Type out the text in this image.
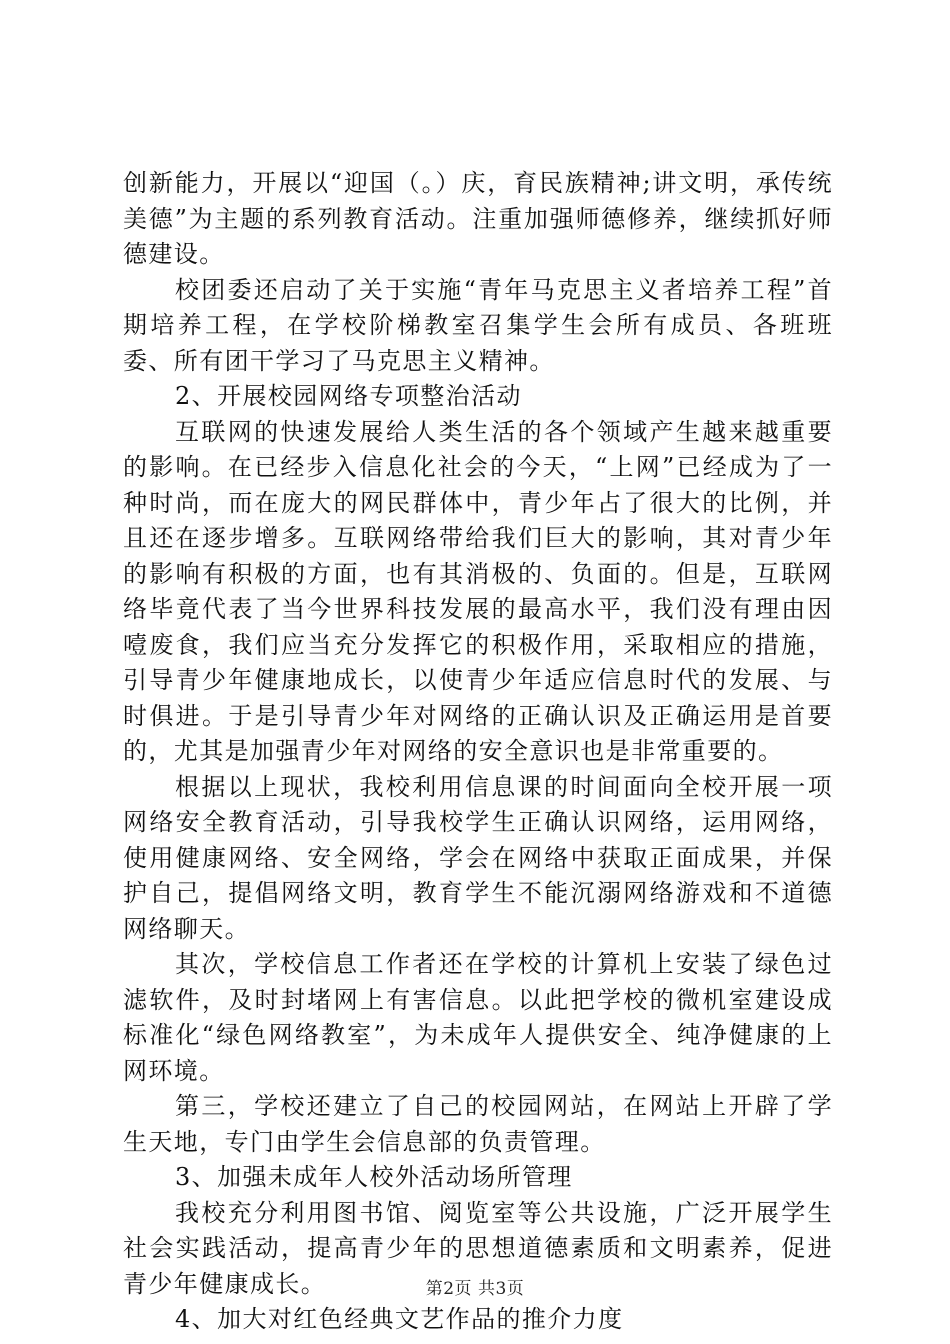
创新能力，开展以“迎国（。）庆，育民族精神;讲文明，承传统美德”为主题的系列教育活动。注重加强师德修养，继续抓好师德建设。

校团委还启动了关于实施“青年马克思主义者培养工程”首期培养工程，在学校阶梯教室召集学生会所有成员、各班班委、所有团干学习了马克思主义精神。

2、开展校园网络专项整治活动

互联网的快速发展给人类生活的各个领域产生越来越重要的影响。在已经步入信息化社会的今天，“上网”已经成为了一种时尚，而在庞大的网民群体中，青少年占了很大的比例，并且还在逐步增多。互联网络带给我们巨大的影响，其对青少年的影响有积极的方面，也有其消极的、负面的。但是，互联网络毕竟代表了当今世界科技发展的最高水平，我们没有理由因噎废食，我们应当充分发挥它的积极作用，采取相应的措施，引导青少年健康地成长，以使青少年适应信息时代的发展、与时俱进。于是引导青少年对网络的正确认识及正确运用是首要的，尤其是加强青少年对网络的安全意识也是非常重要的。

根据以上现状，我校利用信息课的时间面向全校开展一项网络安全教育活动，引导我校学生正确认识网络，运用网络，使用健康网络、安全网络，学会在网络中获取正面成果，并保护自己，提倡网络文明，教育学生不能沉溺网络游戏和不道德网络聊天。

其次，学校信息工作者还在学校的计算机上安装了绿色过滤软件，及时封堵网上有害信息。以此把学校的微机室建设成标准化“绿色网络教室”，为未成年人提供安全、纯净健康的上网环境。

第三，学校还建立了自己的校园网站，在网站上开辟了学生天地，专门由学生会信息部的负责管理。

3、加强未成年人校外活动场所管理

我校充分利用图书馆、阅览室等公共设施，广泛开展学生社会实践活动，提高青少年的思想道德素质和文明素养，促进青少年健康成长。

4、加大对红色经典文艺作品的推介力度

第2页 共3页
